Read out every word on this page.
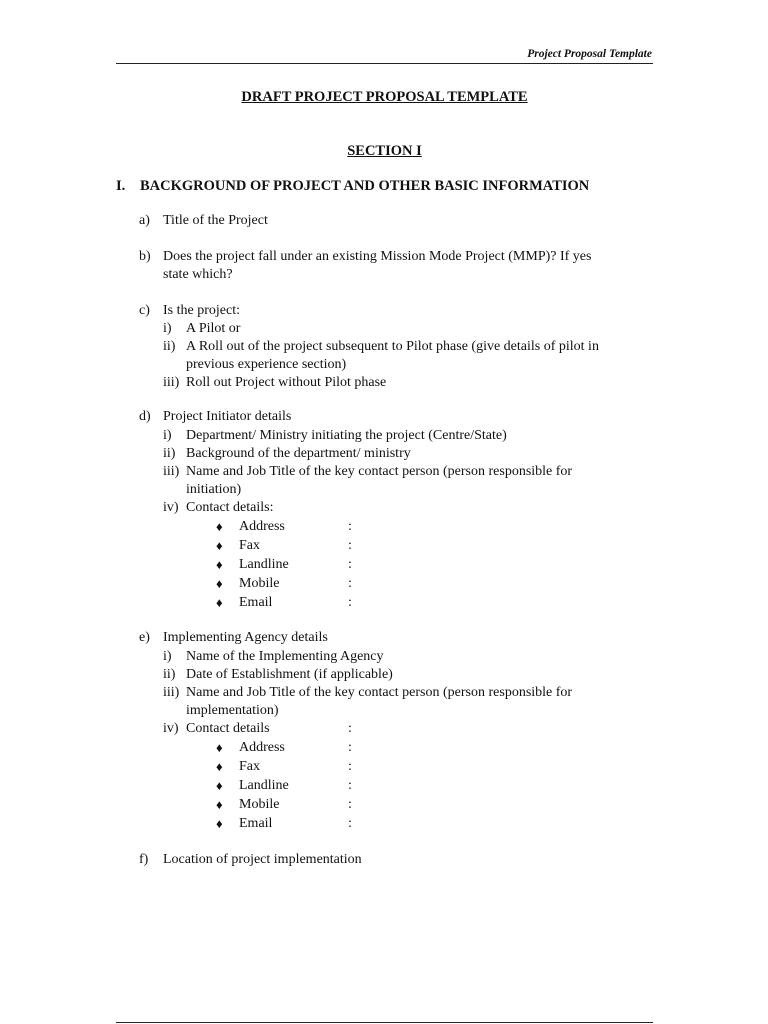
Project Proposal Template
DRAFT PROJECT PROPOSAL TEMPLATE
SECTION I
I. BACKGROUND OF PROJECT AND OTHER BASIC INFORMATION
a) Title of the Project
b) Does the project fall under an existing Mission Mode Project (MMP)? If yes
state which?
c) Is the project:
i) A Pilot or
ii) A Roll out of the project subsequent to Pilot phase (give details of pilot in
previous experience section)
iii) Roll out Project without Pilot phase
d) Project Initiator details
i) Department/ Ministry initiating the project (Centre/State)
ii) Background of the department/ ministry
iii) Name and Job Title of the key contact person (person responsible for
initiation)
iv) Contact details:
♦ Address	:
♦ Fax	:
♦ Landline	:
♦ Mobile	:
♦ Email	:
e) Implementing Agency details
i) Name of the Implementing Agency
ii) Date of Establishment (if applicable)
iii) Name and Job Title of the key contact person (person responsible for
implementation)
iv) Contact details	:
♦ Address	:
♦ Fax	:
♦ Landline	:
♦ Mobile	:
♦ Email	:
f) Location of project implementation
